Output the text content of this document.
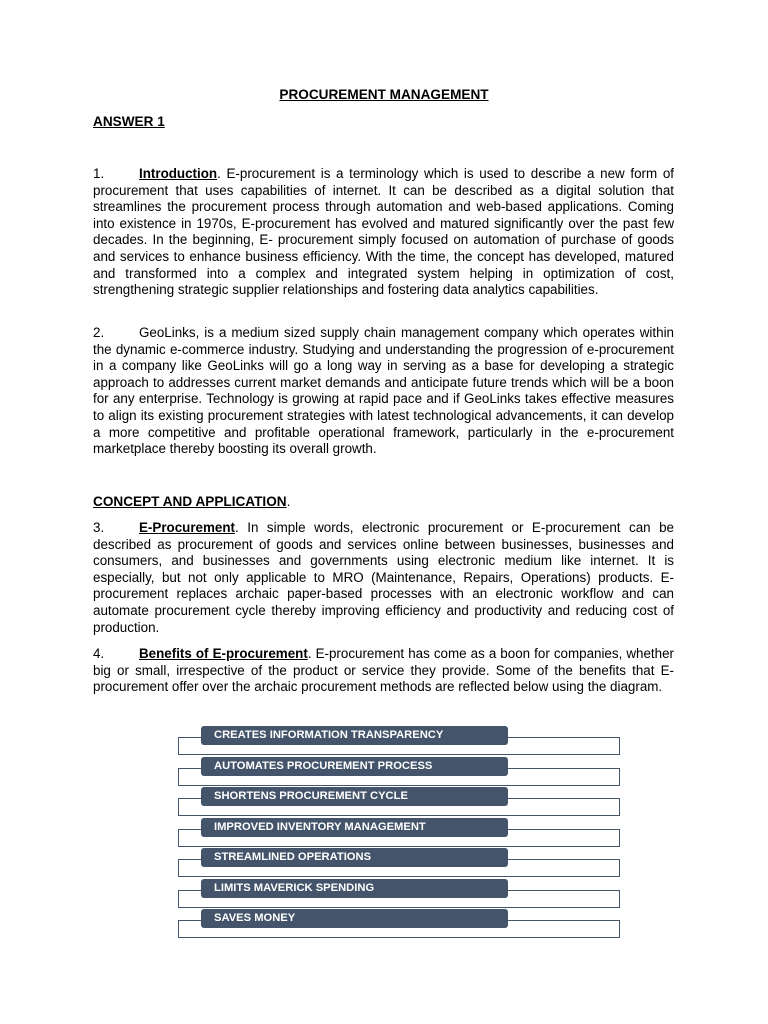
PROCUREMENT MANAGEMENT
ANSWER 1
1.	Introduction. E-procurement is a terminology which is used to describe a new form of procurement that uses capabilities of internet. It can be described as a digital solution that streamlines the procurement process through automation and web-based applications. Coming into existence in 1970s, E-procurement has evolved and matured significantly over the past few decades. In the beginning, E- procurement simply focused on automation of purchase of goods and services to enhance business efficiency. With the time, the concept has developed, matured and transformed into a complex and integrated system helping in optimization of cost, strengthening strategic supplier relationships and fostering data analytics capabilities.
2.	GeoLinks, is a medium sized supply chain management company which operates within the dynamic e-commerce industry. Studying and understanding the progression of e-procurement in a company like GeoLinks will go a long way in serving as a base for developing a strategic approach to addresses current market demands and anticipate future trends which will be a boon for any enterprise. Technology is growing at rapid pace and if GeoLinks takes effective measures to align its existing procurement strategies with latest technological advancements, it can develop a more competitive and profitable operational framework, particularly in the e-procurement marketplace thereby boosting its overall growth.
CONCEPT AND APPLICATION.
3.	E-Procurement. In simple words, electronic procurement or E-procurement can be described as procurement of goods and services online between businesses, businesses and consumers, and businesses and governments using electronic medium like internet. It is especially, but not only applicable to MRO (Maintenance, Repairs, Operations) products. E-procurement replaces archaic paper-based processes with an electronic workflow and can automate procurement cycle thereby improving efficiency and productivity and reducing cost of production.
4.	Benefits of E-procurement. E-procurement has come as a boon for companies, whether big or small, irrespective of the product or service they provide. Some of the benefits that E-procurement offer over the archaic procurement methods are reflected below using the diagram.
CREATES INFORMATION TRANSPARENCY
AUTOMATES PROCUREMENT PROCESS
SHORTENS PROCUREMENT CYCLE
IMPROVED INVENTORY MANAGEMENT
STREAMLINED OPERATIONS
LIMITS MAVERICK SPENDING
SAVES MONEY
